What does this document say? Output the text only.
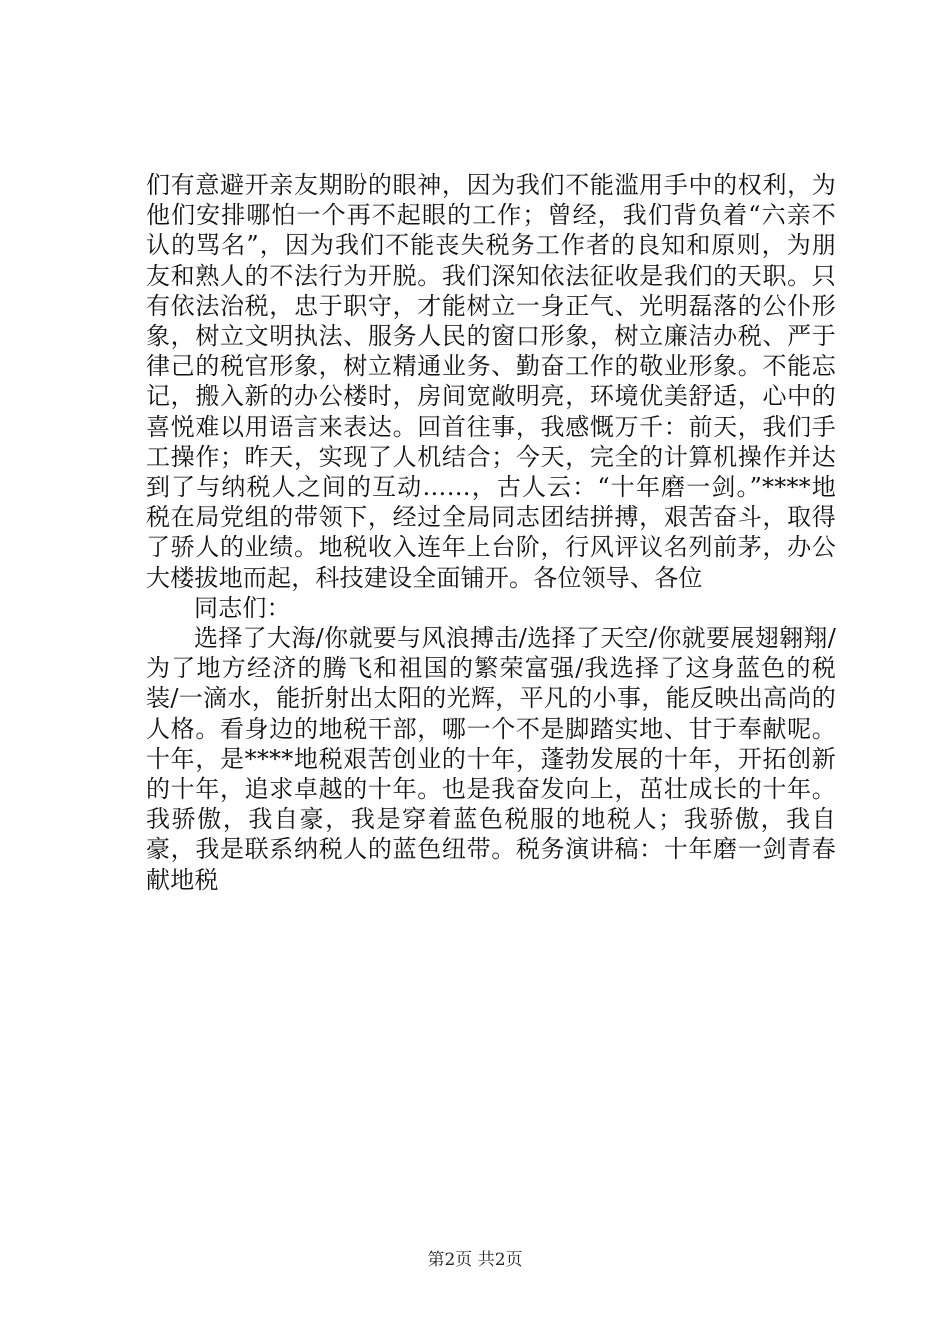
们有意避开亲友期盼的眼神，因为我们不能滥用手中的权利，为他们安排哪怕一个再不起眼的工作；曾经，我们背负着“六亲不认的骂名”，因为我们不能丧失税务工作者的良知和原则，为朋友和熟人的不法行为开脱。我们深知依法征收是我们的天职。只有依法治税，忠于职守，才能树立一身正气、光明磊落的公仆形象，树立文明执法、服务人民的窗口形象，树立廉洁办税、严于律己的税官形象，树立精通业务、勤奋工作的敬业形象。不能忘记，搬入新的办公楼时，房间宽敞明亮，环境优美舒适，心中的喜悦难以用语言来表达。回首往事，我感慨万千：前天，我们手工操作；昨天，实现了人机结合；今天，完全的计算机操作并达到了与纳税人之间的互动……，古人云：“十年磨一剑。”****地税在局党组的带领下，经过全局同志团结拼搏，艰苦奋斗，取得了骄人的业绩。地税收入连年上台阶，行风评议名列前茅，办公大楼拔地而起，科技建设全面铺开。各位领导、各位

同志们：

选择了大海/你就要与风浪搏击/选择了天空/你就要展翅翱翔/为了地方经济的腾飞和祖国的繁荣富强/我选择了这身蓝色的税装/一滴水，能折射出太阳的光辉，平凡的小事，能反映出高尚的人格。看身边的地税干部，哪一个不是脚踏实地、甘于奉献呢。十年，是****地税艰苦创业的十年，蓬勃发展的十年，开拓创新的十年，追求卓越的十年。也是我奋发向上，茁壮成长的十年。我骄傲，我自豪，我是穿着蓝色税服的地税人；我骄傲，我自豪，我是联系纳税人的蓝色纽带。税务演讲稿：十年磨一剑青春献地税

第2页 共2页
